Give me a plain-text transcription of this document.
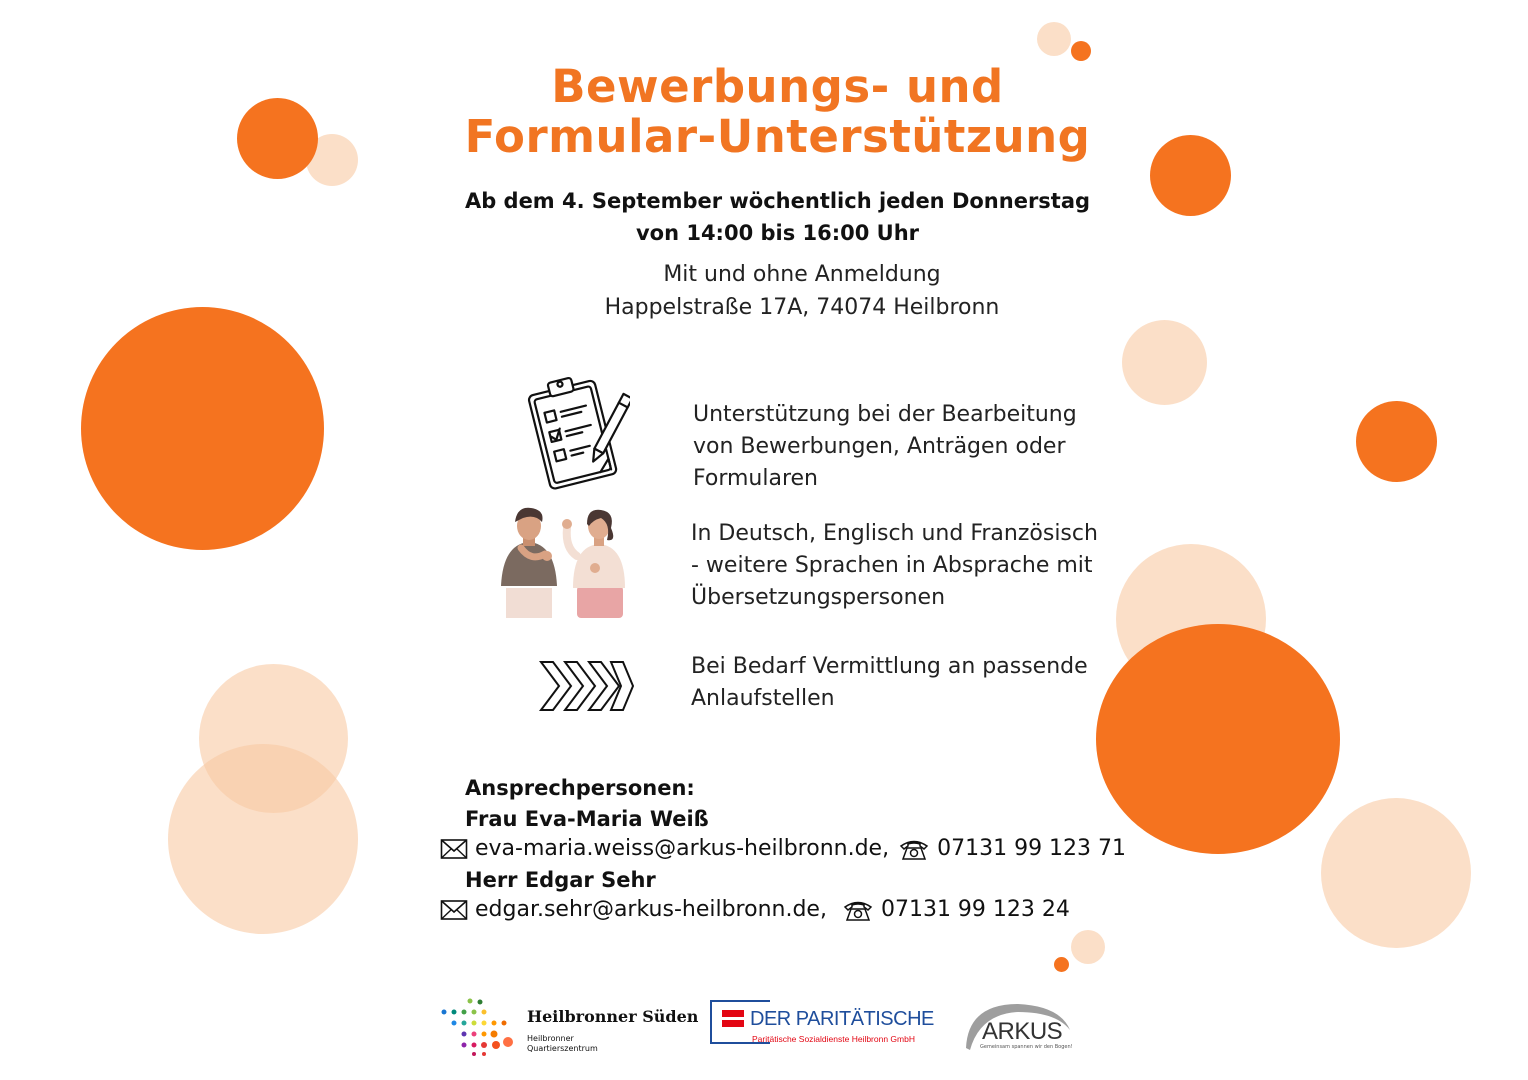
Bewerbungs- und
Formular-Unterstützung
Ab dem 4. September wöchentlich jeden Donnerstag
von 14:00 bis 16:00 Uhr
Mit und ohne Anmeldung
Happelstraße 17A, 74074 Heilbronn
Unterstützung bei der Bearbeitung
von Bewerbungen, Anträgen oder
Formularen
In Deutsch, Englisch und Französisch
- weitere Sprachen in Absprache mit
Übersetzungspersonen
Bei Bedarf Vermittlung an passende
Anlaufstellen
Ansprechpersonen:
Frau Eva-Maria Weiß
eva-maria.weiss@arkus-heilbronn.de, 07131 99 123 71
Herr Edgar Sehr
edgar.sehr@arkus-heilbronn.de, 07131 99 123 24
Heilbronner Süden
Heilbronner
Quartierszentrum
DER PARITÄTISCHE
Paritätische Sozialdienste Heilbronn GmbH	ARKUS
Gemeinsam spannen wir den Bogen!
